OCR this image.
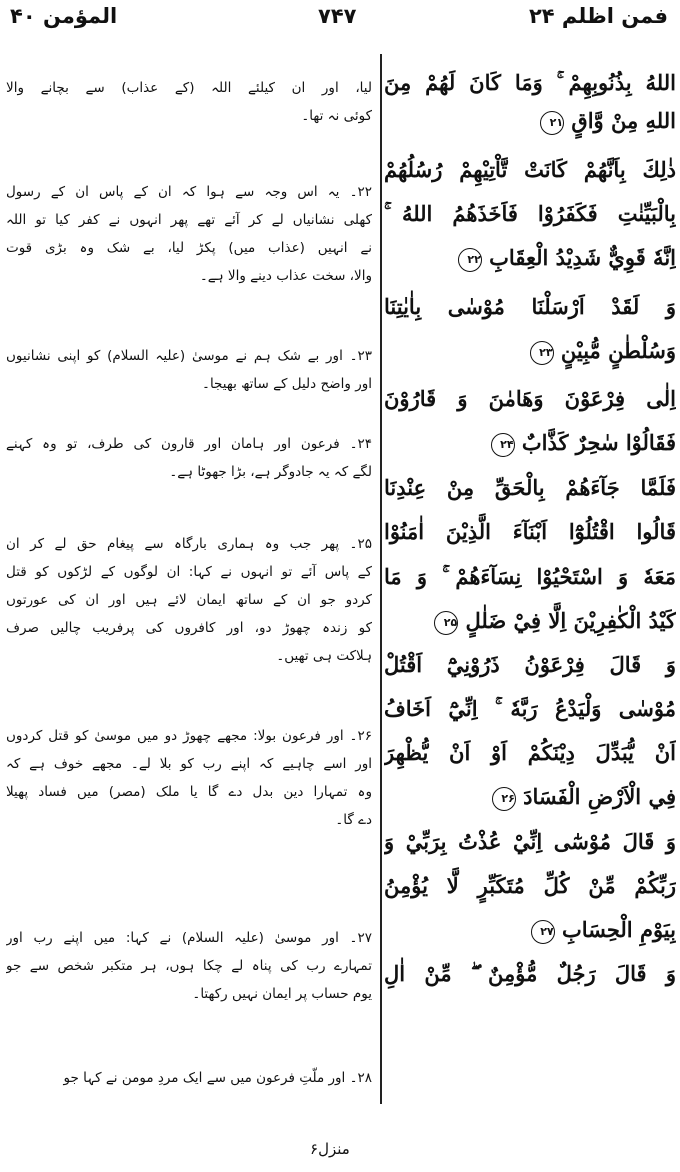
المؤمن ۴۰	۷۴۷	فمن اظلم ۲۴
اللهُ بِذُنُوبِهِمْ ۚ وَمَا كَانَ لَهُمْ مِنَ
اللهِ مِنْ وَّاقٍ ۲۱
ذٰلِكَ بِاَنَّهُمْ كَانَتْ تَّاْتِيْهِمْ رُسُلُهُمْ
بِالْبَيِّنٰتِ فَكَفَرُوْا فَاَخَذَهُمُ اللهُ ۚ
اِنَّهٗ قَوِيٌّ شَدِيْدُ الْعِقَابِ ۲۲
وَ لَقَدْ اَرْسَلْنَا مُوْسٰى بِاٰيٰتِنَا
وَسُلْطٰنٍ مُّبِيْنٍ ۲۳
اِلٰى فِرْعَوْنَ وَهَامٰنَ وَ قَارُوْنَ
فَقَالُوْا سٰحِرٌ كَذَّابٌ ۲۴
فَلَمَّا جَآءَهُمْ بِالْحَقِّ مِنْ عِنْدِنَا
قَالُوا اقْتُلُوْٓا اَبْنَآءَ الَّذِيْنَ اٰمَنُوْا
مَعَهٗ وَ اسْتَحْيُوْا نِسَآءَهُمْ ۚ وَ مَا
كَيْدُ الْكٰفِرِيْنَ اِلَّا فِيْ ضَلٰلٍ ۲۵
وَ قَالَ فِرْعَوْنُ ذَرُوْنِيْٓ اَقْتُلْ
مُوْسٰى وَلْيَدْعُ رَبَّهٗ ۚ اِنِّيْٓ اَخَافُ
اَنْ يُّبَدِّلَ دِيْنَكُمْ اَوْ اَنْ يُّظْهِرَ
فِي الْاَرْضِ الْفَسَادَ ۲۶
وَ قَالَ مُوْسٰٓى اِنِّيْ عُذْتُ بِرَبِّيْ وَ
رَبِّكُمْ مِّنْ كُلِّ مُتَكَبِّرٍ لَّا يُؤْمِنُ
بِيَوْمِ الْحِسَابِ ۲۷
وَ قَالَ رَجُلٌ مُّؤْمِنٌ ۖ مِّنْ اٰلِ
لیا، اور ان کیلئے اللہ (کے عذاب) سے بچانے والا
کوئی نہ تھا۔
۲۲۔ یہ اس وجہ سے ہوا کہ ان کے پاس ان کے رسول
کھلی نشانیاں لے کر آئے تھے پھر انہوں نے کفر کیا تو اللہ
نے انہیں (عذاب میں) پکڑ لیا، بے شک وہ بڑی قوت
والا، سخت عذاب دینے والا ہے۔
۲۳۔ اور بے شک ہم نے موسیٰ (علیہ السلام) کو اپنی نشانیوں
اور واضح دلیل کے ساتھ بھیجا۔
۲۴۔ فرعون اور ہامان اور قارون کی طرف، تو وہ کہنے
لگے کہ یہ جادوگر ہے، بڑا جھوٹا ہے۔
۲۵۔ پھر جب وہ ہماری بارگاہ سے پیغام حق لے کر ان
کے پاس آئے تو انہوں نے کہا: ان لوگوں کے لڑکوں کو قتل
کردو جو ان کے ساتھ ایمان لائے ہیں اور ان کی عورتوں
کو زندہ چھوڑ دو، اور کافروں کی پرفریب چالیں صرف
ہلاکت ہی تھیں۔
۲۶۔ اور فرعون بولا: مجھے چھوڑ دو میں موسیٰ کو قتل کردوں
اور اسے چاہیے کہ اپنے رب کو بلا لے۔ مجھے خوف ہے کہ
وہ تمہارا دین بدل دے گا یا ملک (مصر) میں فساد پھیلا
دے گا۔
۲۷۔ اور موسیٰ (علیہ السلام) نے کہا: میں اپنے رب اور
تمہارے رب کی پناہ لے چکا ہوں، ہر متکبر شخص سے جو
یوم حساب پر ایمان نہیں رکھتا۔
۲۸۔ اور ملّتِ فرعون میں سے ایک مردِ مومن نے کہا جو
منزل۶
